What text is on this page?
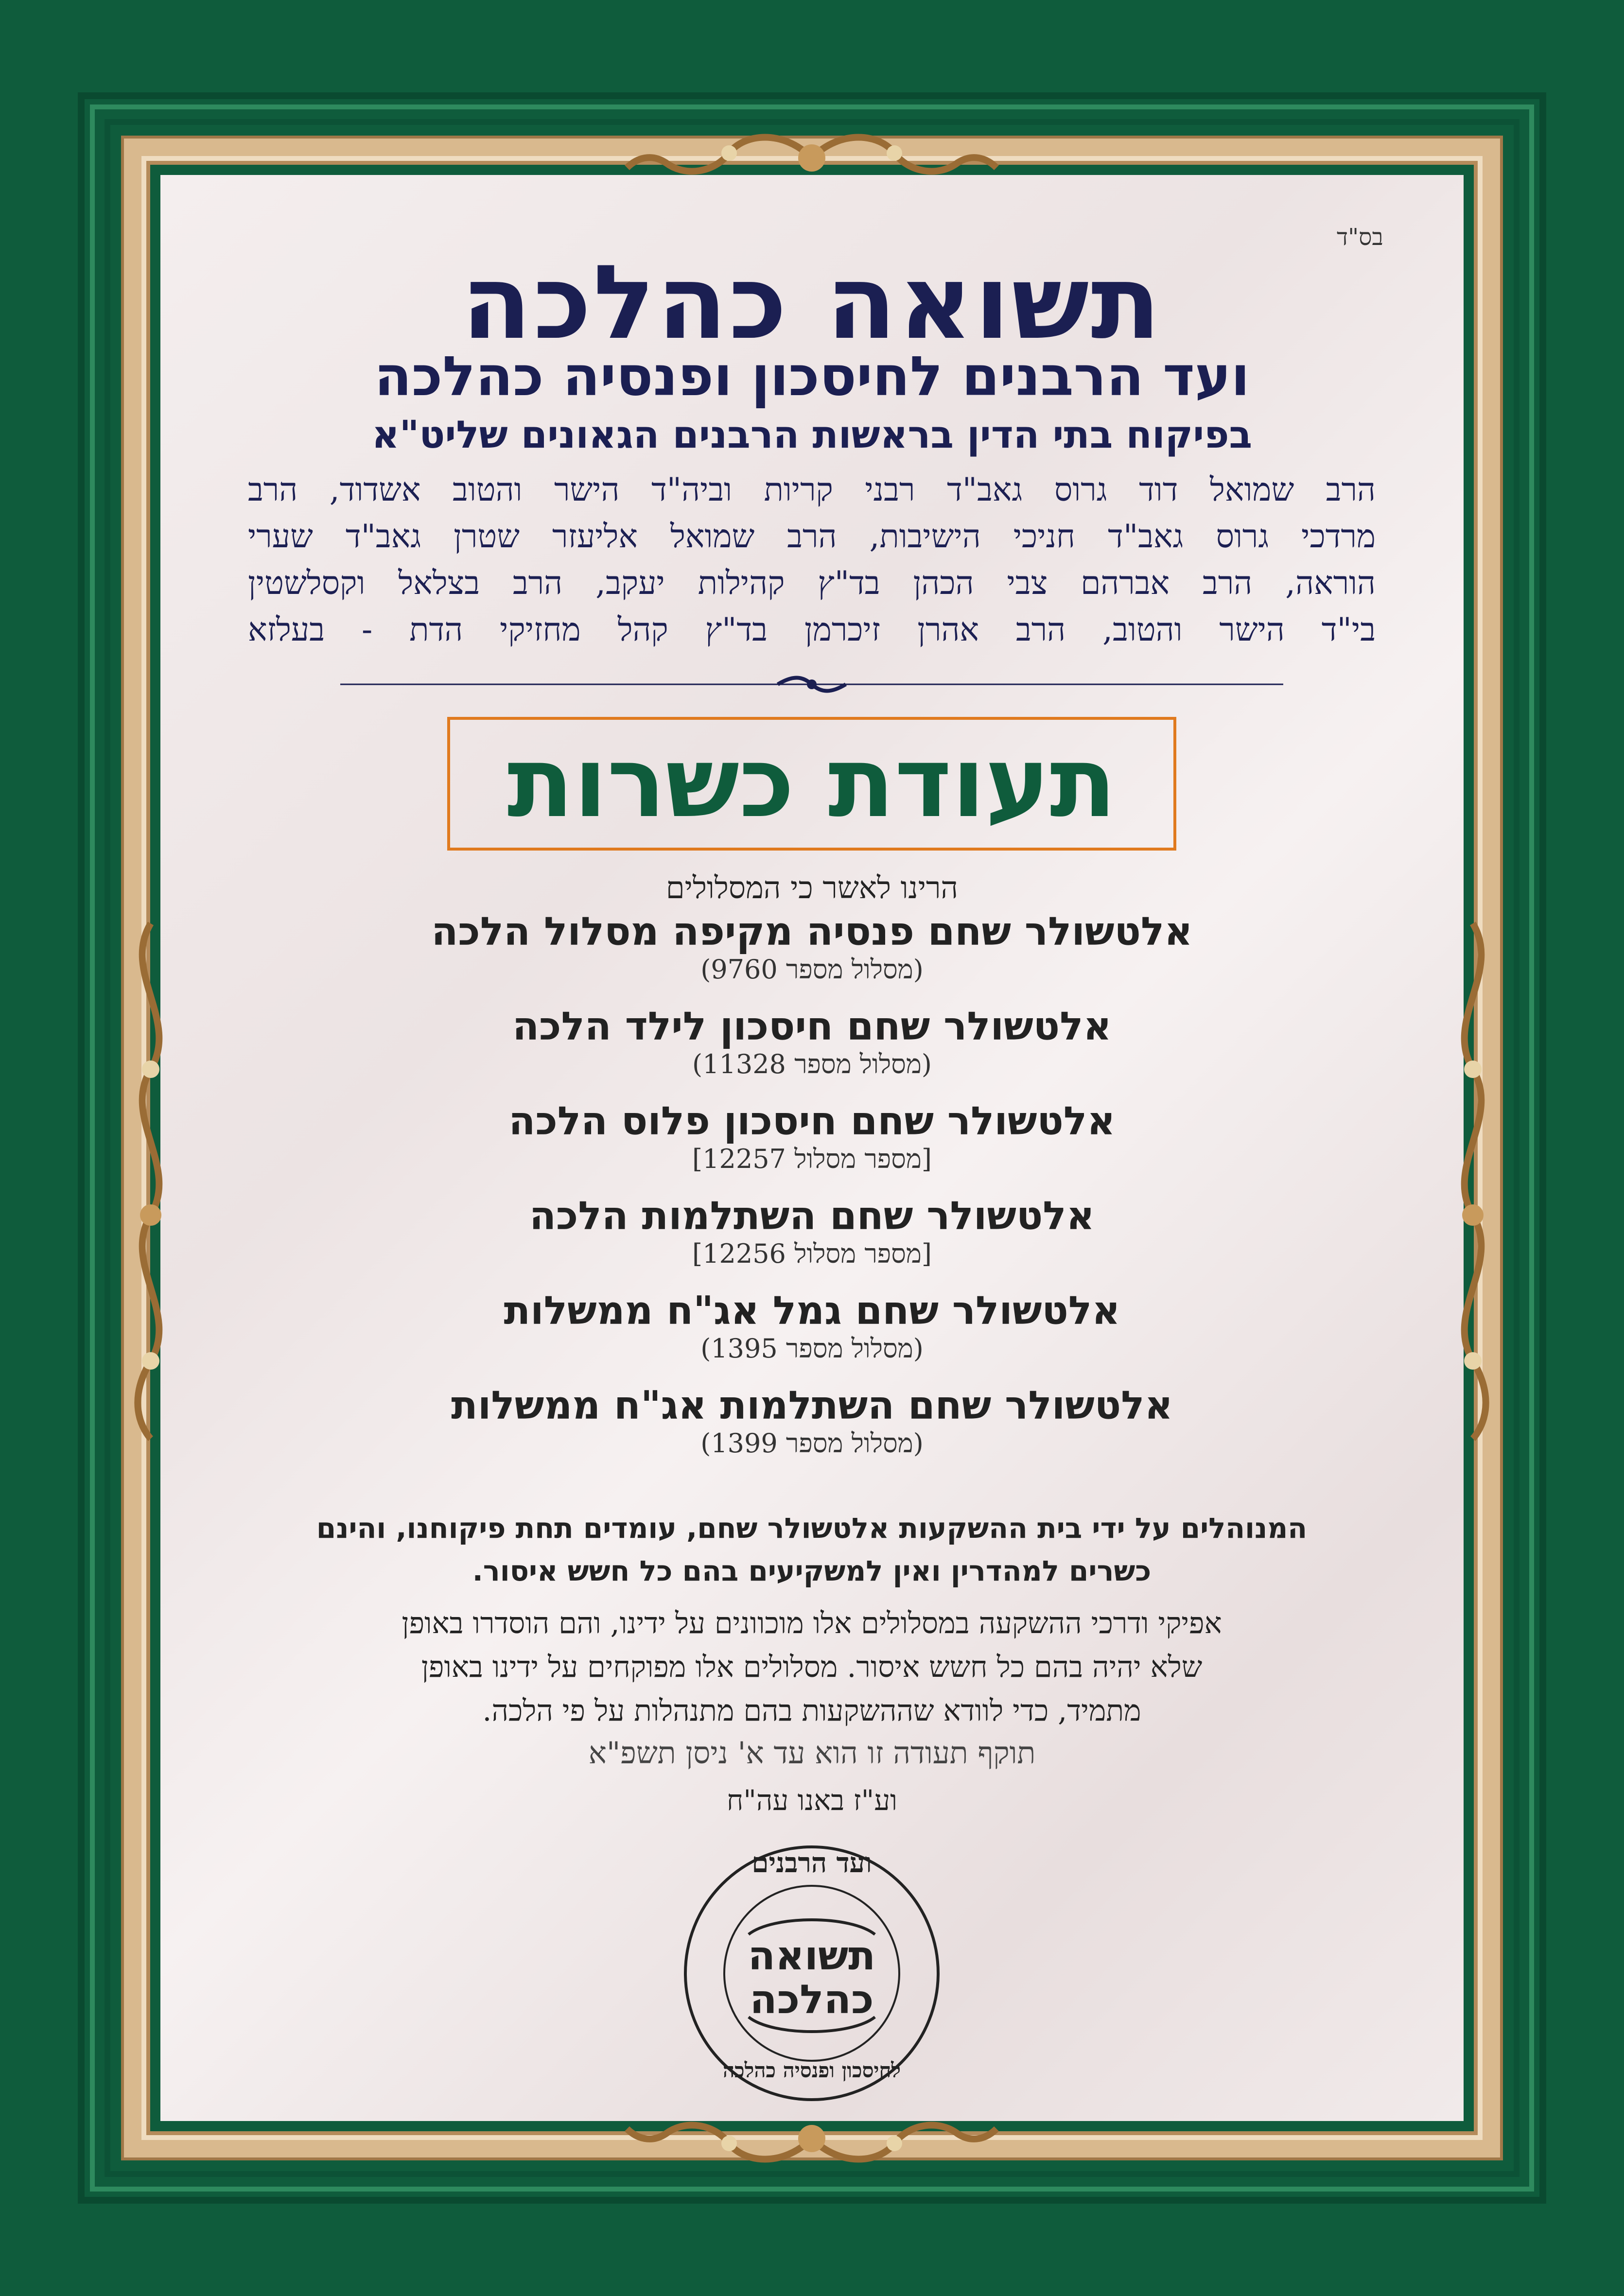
בס"ד
תשואה כהלכה
ועד הרבנים לחיסכון ופנסיה כהלכה
בפיקוח בתי הדין בראשות הרבנים הגאונים שליט"א
הרב שמואל דוד גרוס גאב"ד רבני קריות וביה"ד הישר והטוב אשדוד, הרב
מרדכי גרוס גאב"ד חניכי הישיבות, הרב שמואל אליעזר שטרן גאב"ד שערי
הוראה, הרב אברהם צבי הכהן בד"ץ קהילות יעקב, הרב בצלאל וקסלשטין
בי"ד הישר והטוב, הרב אהרן זיכרמן בד"ץ קהל מחזיקי הדת - בעלזא
תעודת כשרות
הרינו לאשר כי המסלולים
אלטשולר שחם פנסיה מקיפה מסלול הלכה
(מסלול מספר 9760)
אלטשולר שחם חיסכון לילד הלכה
(מסלול מספר 11328)
אלטשולר שחם חיסכון פלוס הלכה
[מספר מסלול 12257]
אלטשולר שחם השתלמות הלכה
[מספר מסלול 12256]
אלטשולר שחם גמל אג"ח ממשלות
(מסלול מספר 1395)
אלטשולר שחם השתלמות אג"ח ממשלות
(מסלול מספר 1399)
המנוהלים על ידי בית ההשקעות אלטשולר שחם, עומדים תחת פיקוחנו, והינם
כשרים למהדרין ואין למשקיעים בהם כל חשש איסור.
אפיקי ודרכי ההשקעה במסלולים אלו מוכוונים על ידינו, והם הוסדרו באופן
שלא יהיה בהם כל חשש איסור. מסלולים אלו מפוקחים על ידינו באופן
מתמיד, כדי לוודא שההשקעות בהם מתנהלות על פי הלכה.
תוקף תעודה זו הוא עד א' ניסן תשפ"א
וע"ז באנו עה"ח
ועד הרבנים
תשואה
כהלכה
לחיסכון ופנסיה כהלכה
